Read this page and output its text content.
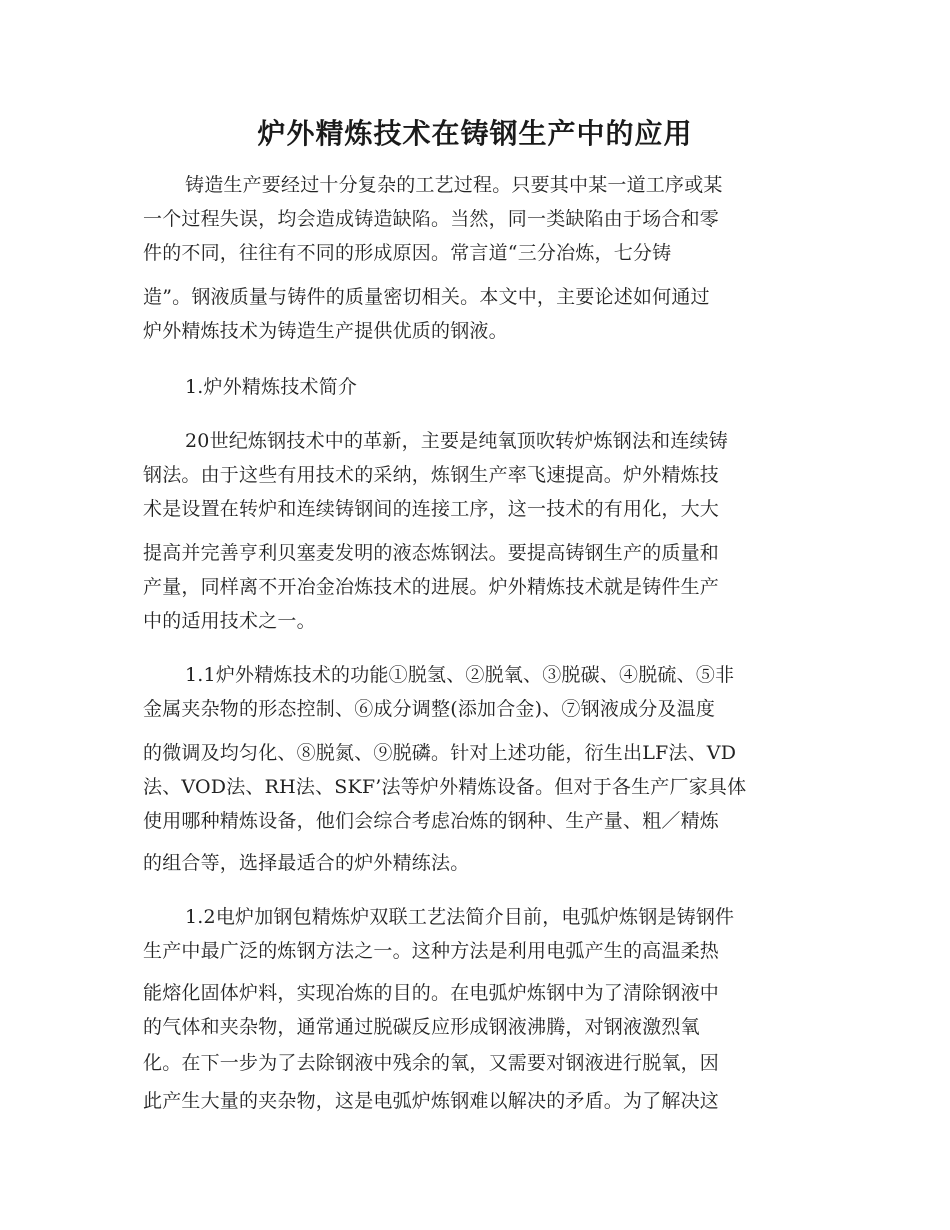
炉外精炼技术在铸钢生产中的应用
铸造生产要经过十分复杂的工艺过程。只要其中某一道工序或某
一个过程失误，均会造成铸造缺陷。当然，同一类缺陷由于场合和零
件的不同，往往有不同的形成原因。常言道“三分冶炼，七分铸
造”。钢液质量与铸件的质量密切相关。本文中，主要论述如何通过
炉外精炼技术为铸造生产提供优质的钢液。
1.炉外精炼技术简介
20世纪炼钢技术中的革新，主要是纯氧顶吹转炉炼钢法和连续铸
钢法。由于这些有用技术的采纳，炼钢生产率飞速提高。炉外精炼技
术是设置在转炉和连续铸钢间的连接工序，这一技术的有用化，大大
提高并完善亨利贝塞麦发明的液态炼钢法。要提高铸钢生产的质量和
产量，同样离不开冶金冶炼技术的进展。炉外精炼技术就是铸件生产
中的适用技术之一。
1.1炉外精炼技术的功能①脱氢、②脱氧、③脱碳、④脱硫、⑤非
金属夹杂物的形态控制、⑥成分调整(添加合金)、⑦钢液成分及温度
的微调及均匀化、⑧脱氮、⑨脱磷。针对上述功能，衍生出LF法、VD
法、VOD法、RH法、SKF’法等炉外精炼设备。但对于各生产厂家具体
使用哪种精炼设备，他们会综合考虑冶炼的钢种、生产量、粗／精炼
的组合等，选择最适合的炉外精练法。
1.2电炉加钢包精炼炉双联工艺法简介目前，电弧炉炼钢是铸钢件
生产中最广泛的炼钢方法之一。这种方法是利用电弧产生的高温柔热
能熔化固体炉料，实现冶炼的目的。在电弧炉炼钢中为了清除钢液中
的气体和夹杂物，通常通过脱碳反应形成钢液沸腾，对钢液激烈氧
化。在下一步为了去除钢液中残余的氧，又需要对钢液进行脱氧，因
此产生大量的夹杂物，这是电弧炉炼钢难以解决的矛盾。为了解决这
